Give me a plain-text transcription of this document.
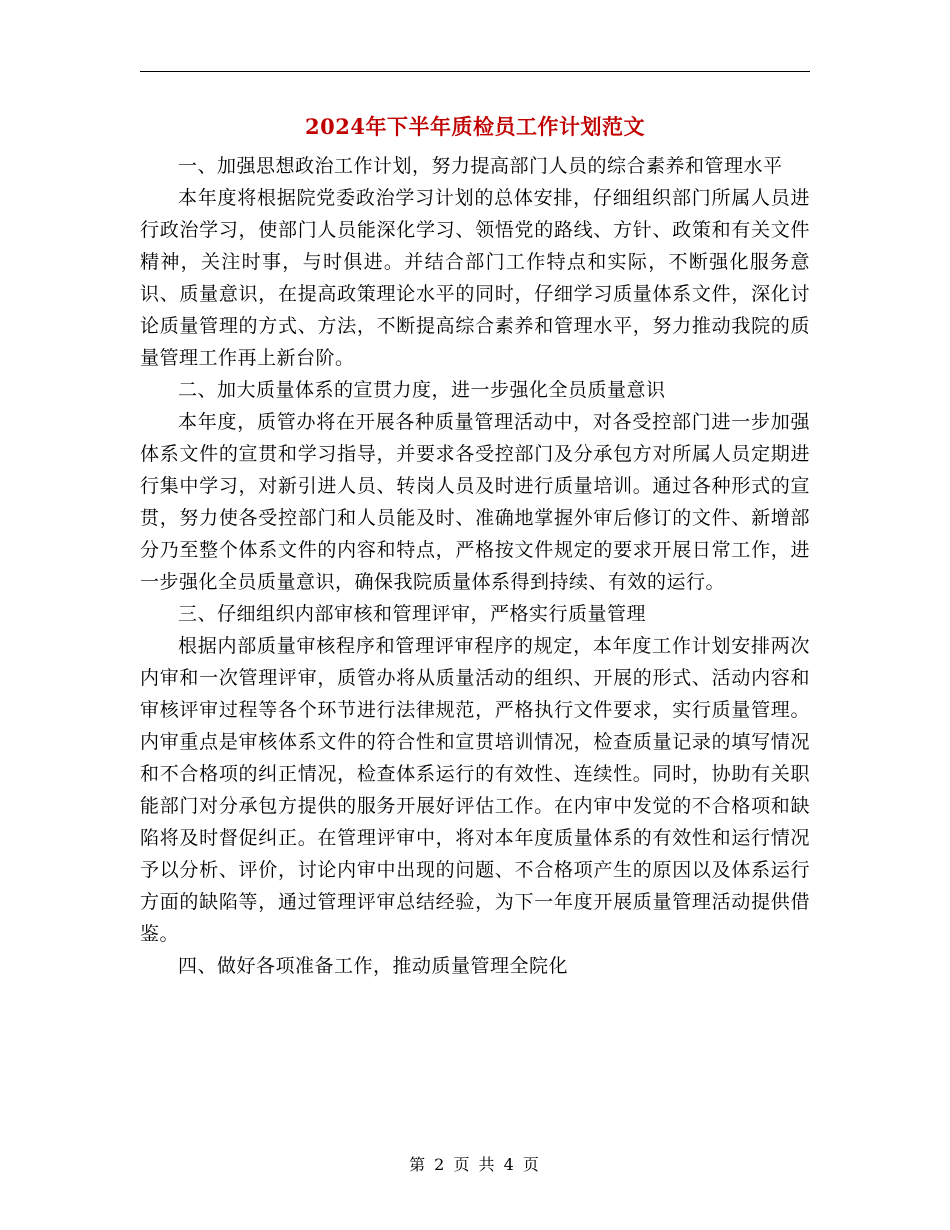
2024年下半年质检员工作计划范文

一、加强思想政治工作计划，努力提高部门人员的综合素养和管理水平

本年度将根据院党委政治学习计划的总体安排，仔细组织部门所属人员进行政治学习，使部门人员能深化学习、领悟党的路线、方针、政策和有关文件精神，关注时事，与时俱进。并结合部门工作特点和实际，不断强化服务意识、质量意识，在提高政策理论水平的同时，仔细学习质量体系文件，深化讨论质量管理的方式、方法，不断提高综合素养和管理水平，努力推动我院的质量管理工作再上新台阶。

二、加大质量体系的宣贯力度，进一步强化全员质量意识

本年度，质管办将在开展各种质量管理活动中，对各受控部门进一步加强体系文件的宣贯和学习指导，并要求各受控部门及分承包方对所属人员定期进行集中学习，对新引进人员、转岗人员及时进行质量培训。通过各种形式的宣贯，努力使各受控部门和人员能及时、准确地掌握外审后修订的文件、新增部分乃至整个体系文件的内容和特点，严格按文件规定的要求开展日常工作，进一步强化全员质量意识，确保我院质量体系得到持续、有效的运行。

三、仔细组织内部审核和管理评审，严格实行质量管理

根据内部质量审核程序和管理评审程序的规定，本年度工作计划安排两次内审和一次管理评审，质管办将从质量活动的组织、开展的形式、活动内容和审核评审过程等各个环节进行法律规范，严格执行文件要求，实行质量管理。内审重点是审核体系文件的符合性和宣贯培训情况，检查质量记录的填写情况和不合格项的纠正情况，检查体系运行的有效性、连续性。同时，协助有关职能部门对分承包方提供的服务开展好评估工作。在内审中发觉的不合格项和缺陷将及时督促纠正。在管理评审中，将对本年度质量体系的有效性和运行情况予以分析、评价，讨论内审中出现的问题、不合格项产生的原因以及体系运行方面的缺陷等，通过管理评审总结经验，为下一年度开展质量管理活动提供借鉴。

四、做好各项准备工作，推动质量管理全院化

第 2 页 共 4 页
